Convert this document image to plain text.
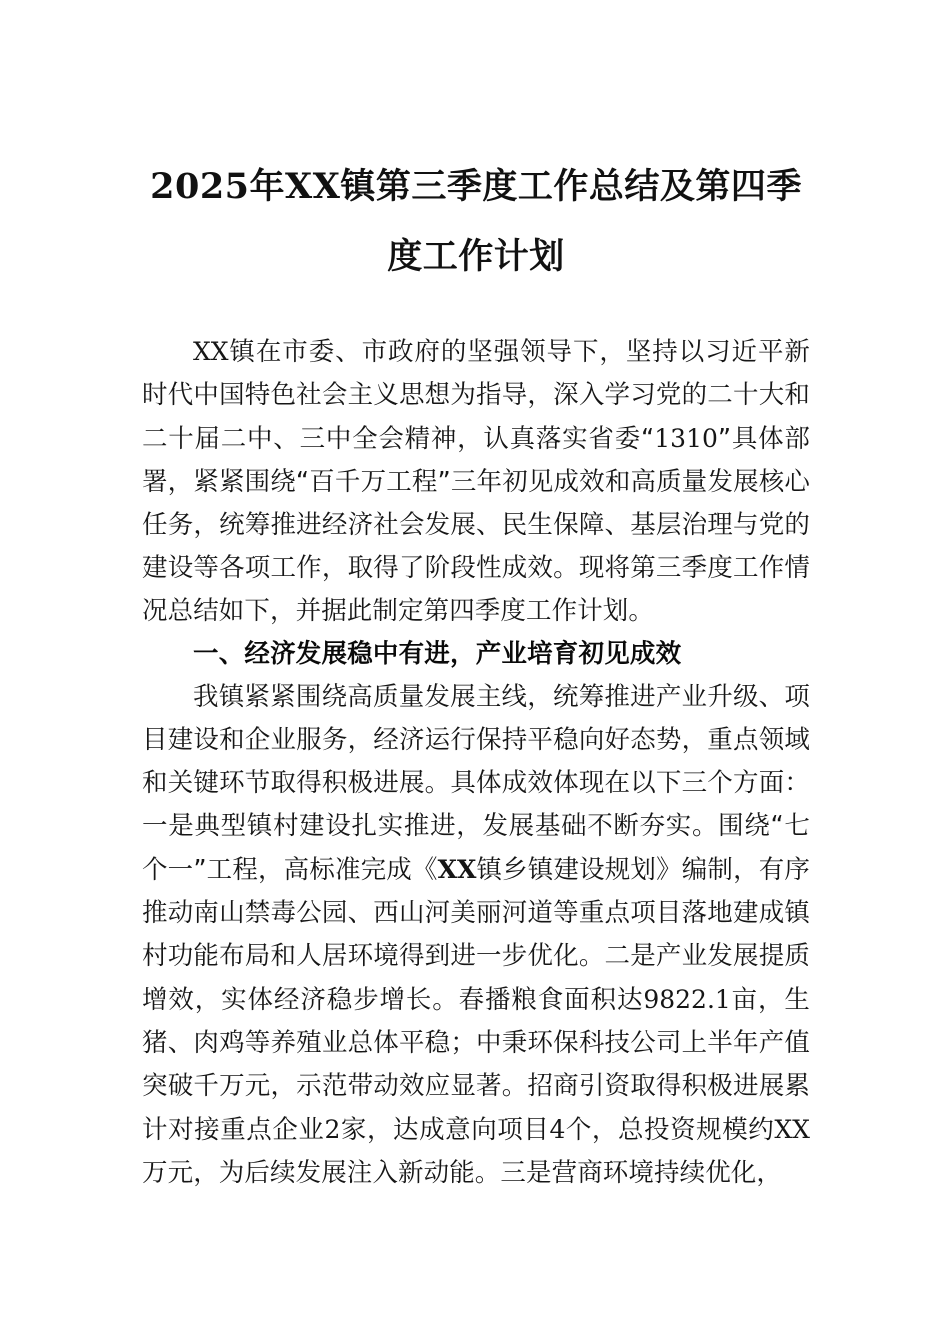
2025年XX镇第三季度工作总结及第四季
度工作计划

XX镇在市委、市政府的坚强领导下，坚持以习近平新时代中国特色社会主义思想为指导，深入学习党的二十大和二十届二中、三中全会精神，认真落实省委“1310”具体部署，紧紧围绕“百千万工程”三年初见成效和高质量发展核心任务，统筹推进经济社会发展、民生保障、基层治理与党的建设等各项工作，取得了阶段性成效。现将第三季度工作情况总结如下，并据此制定第四季度工作计划。

一、经济发展稳中有进，产业培育初见成效

我镇紧紧围绕高质量发展主线，统筹推进产业升级、项目建设和企业服务，经济运行保持平稳向好态势，重点领域和关键环节取得积极进展。具体成效体现在以下三个方面：一是典型镇村建设扎实推进，发展基础不断夯实。围绕“七个一”工程，高标准完成《XX镇乡镇建设规划》编制，有序推动南山禁毒公园、西山河美丽河道等重点项目落地建成镇村功能布局和人居环境得到进一步优化。二是产业发展提质增效，实体经济稳步增长。春播粮食面积达9822.1亩，生猪、肉鸡等养殖业总体平稳；中秉环保科技公司上半年产值突破千万元，示范带动效应显著。招商引资取得积极进展累计对接重点企业2家，达成意向项目4个，总投资规模约XX万元，为后续发展注入新动能。三是营商环境持续优化，
